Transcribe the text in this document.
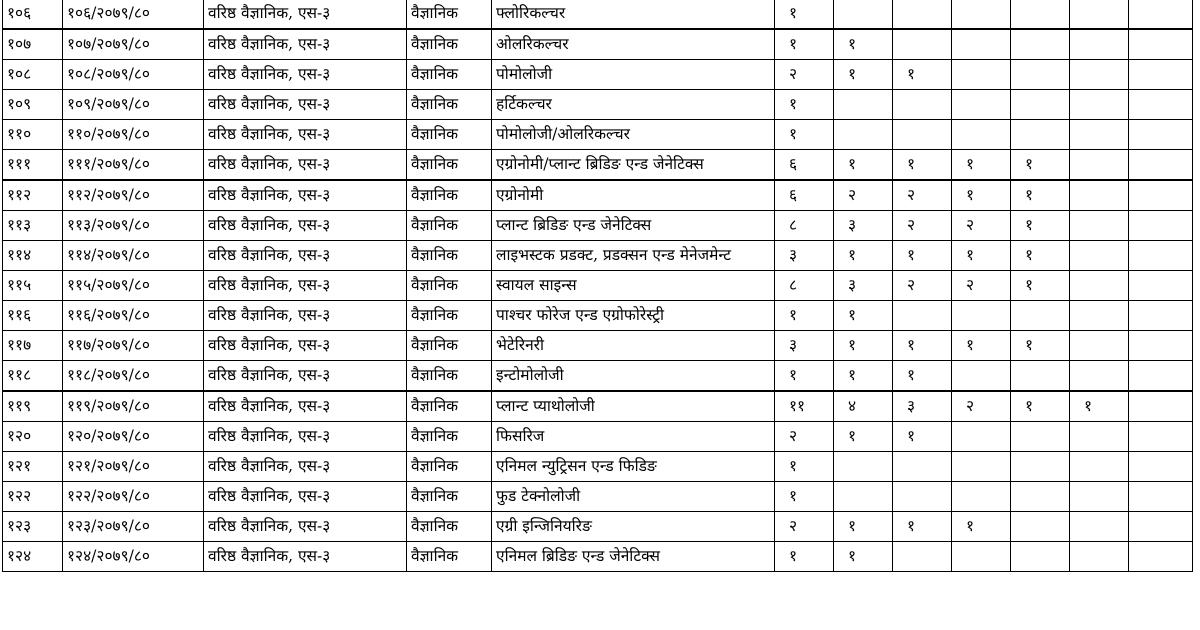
१०६	१०६/२०७९/८०	वरिष्ठ वैज्ञानिक, एस-३	वैज्ञानिक	फ्लोरिकल्चर	१						
१०७	१०७/२०७९/८०	वरिष्ठ वैज्ञानिक, एस-३	वैज्ञानिक	ओलरिकल्चर	१	१					
१०८	१०८/२०७९/८०	वरिष्ठ वैज्ञानिक, एस-३	वैज्ञानिक	पोमोलोजी	२	१	१				
१०९	१०९/२०७९/८०	वरिष्ठ वैज्ञानिक, एस-३	वैज्ञानिक	हर्टिकल्चर	१						
११०	११०/२०७९/८०	वरिष्ठ वैज्ञानिक, एस-३	वैज्ञानिक	पोमोलोजी/ओलरिकल्चर	१						
१११	१११/२०७९/८०	वरिष्ठ वैज्ञानिक, एस-३	वैज्ञानिक	एग्रोनोमी/प्लान्ट ब्रिडिङ एन्ड जेनेटिक्स	६	१	१	१	१		
११२	११२/२०७९/८०	वरिष्ठ वैज्ञानिक, एस-३	वैज्ञानिक	एग्रोनोमी	६	२	२	१	१		
११३	११३/२०७९/८०	वरिष्ठ वैज्ञानिक, एस-३	वैज्ञानिक	प्लान्ट ब्रिडिङ एन्ड जेनेटिक्स	८	३	२	२	१		
११४	११४/२०७९/८०	वरिष्ठ वैज्ञानिक, एस-३	वैज्ञानिक	लाइभस्टक प्रडक्ट, प्रडक्सन एन्ड मेनेजमेन्ट	३	१	१	१	१		
११५	११५/२०७९/८०	वरिष्ठ वैज्ञानिक, एस-३	वैज्ञानिक	स्वायल साइन्स	८	३	२	२	१		
११६	११६/२०७९/८०	वरिष्ठ वैज्ञानिक, एस-३	वैज्ञानिक	पाश्चर फोरेज एन्ड एग्रोफोरेस्ट्री	१	१					
११७	११७/२०७९/८०	वरिष्ठ वैज्ञानिक, एस-३	वैज्ञानिक	भेटेरिनरी	३	१	१	१	१		
११८	११८/२०७९/८०	वरिष्ठ वैज्ञानिक, एस-३	वैज्ञानिक	इन्टोमोलोजी	१	१	१				
११९	११९/२०७९/८०	वरिष्ठ वैज्ञानिक, एस-३	वैज्ञानिक	प्लान्ट प्याथोलोजी	११	४	३	२	१	१	
१२०	१२०/२०७९/८०	वरिष्ठ वैज्ञानिक, एस-३	वैज्ञानिक	फिसरिज	२	१	१				
१२१	१२१/२०७९/८०	वरिष्ठ वैज्ञानिक, एस-३	वैज्ञानिक	एनिमल न्युट्रिसन एन्ड फिडिङ	१						
१२२	१२२/२०७९/८०	वरिष्ठ वैज्ञानिक, एस-३	वैज्ञानिक	फुड टेक्नोलोजी	१						
१२३	१२३/२०७९/८०	वरिष्ठ वैज्ञानिक, एस-३	वैज्ञानिक	एग्री इन्जिनियरिङ	२	१	१	१			
१२४	१२४/२०७९/८०	वरिष्ठ वैज्ञानिक, एस-३	वैज्ञानिक	एनिमल ब्रिडिङ एन्ड जेनेटिक्स	१	१					
